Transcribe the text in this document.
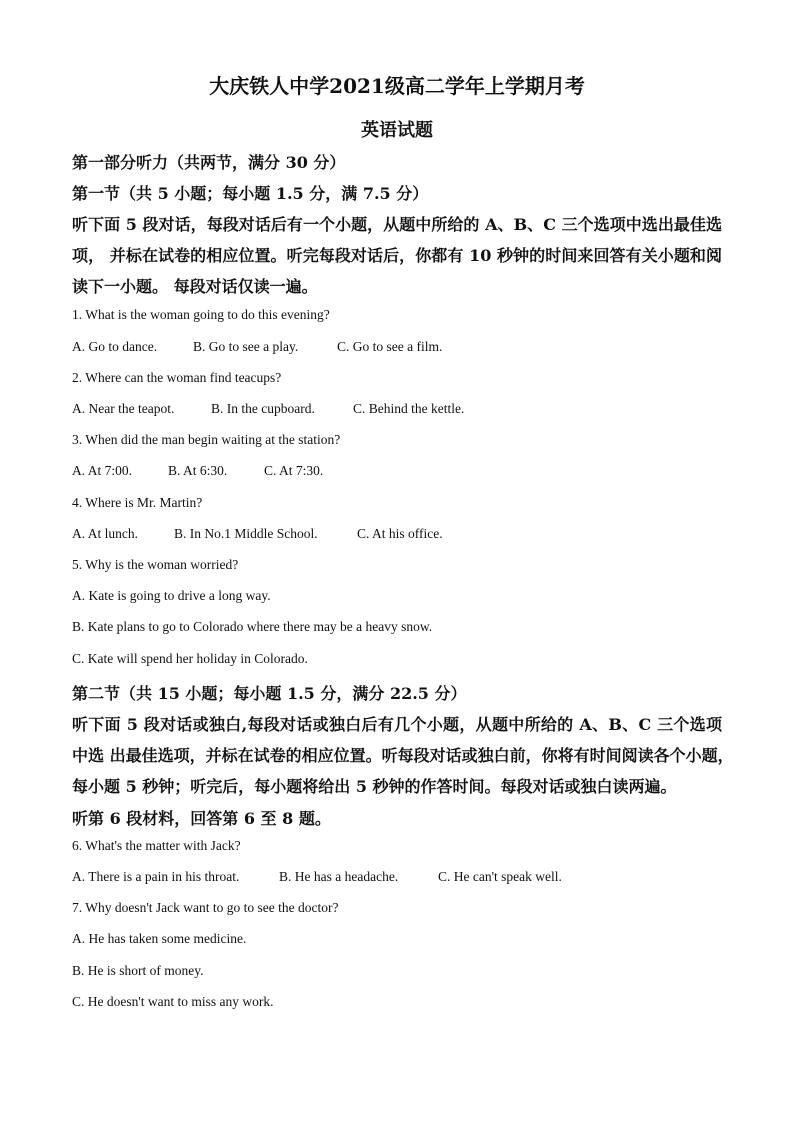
大庆铁人中学2021级高二学年上学期月考
英语试题
第一部分听力（共两节，满分 30 分）
第一节（共 5 小题；每小题 1.5 分，满 7.5 分）
听下面 5 段对话，每段对话后有一个小题，从题中所给的 A、B、C 三个选项中选出最佳选
项， 并标在试卷的相应位置。听完每段对话后，你都有 10 秒钟的时间来回答有关小题和阅
读下一小题。 每段对话仅读一遍。
1. What is the woman going to do this evening?
A. Go to dance.	B. Go to see a play.	C. Go to see a film.
2. Where can the woman find teacups?
A. Near the teapot.	B. In the cupboard.	C. Behind the kettle.
3. When did the man begin waiting at the station?
A. At 7:00.	B. At 6:30.	C. At 7:30.
4. Where is Mr. Martin?
A. At lunch.	B. In No.1 Middle School.	C. At his office.
5. Why is the woman worried?
A. Kate is going to drive a long way.
B. Kate plans to go to Colorado where there may be a heavy snow.
C. Kate will spend her holiday in Colorado.
第二节（共 15 小题；每小题 1.5 分，满分 22.5 分）
听下面 5 段对话或独白,每段对话或独白后有几个小题，从题中所给的 A、B、C 三个选项
中选 出最佳选项，并标在试卷的相应位置。听每段对话或独白前，你将有时间阅读各个小题，
每小题 5 秒钟；听完后，每小题将给出 5 秒钟的作答时间。每段对话或独白读两遍。
听第 6 段材料，回答第 6 至 8 题。
6. What's the matter with Jack?
A. There is a pain in his throat.	B. He has a headache.	C. He can't speak well.
7. Why doesn't Jack want to go to see the doctor?
A. He has taken some medicine.
B. He is short of money.
C. He doesn't want to miss any work.
